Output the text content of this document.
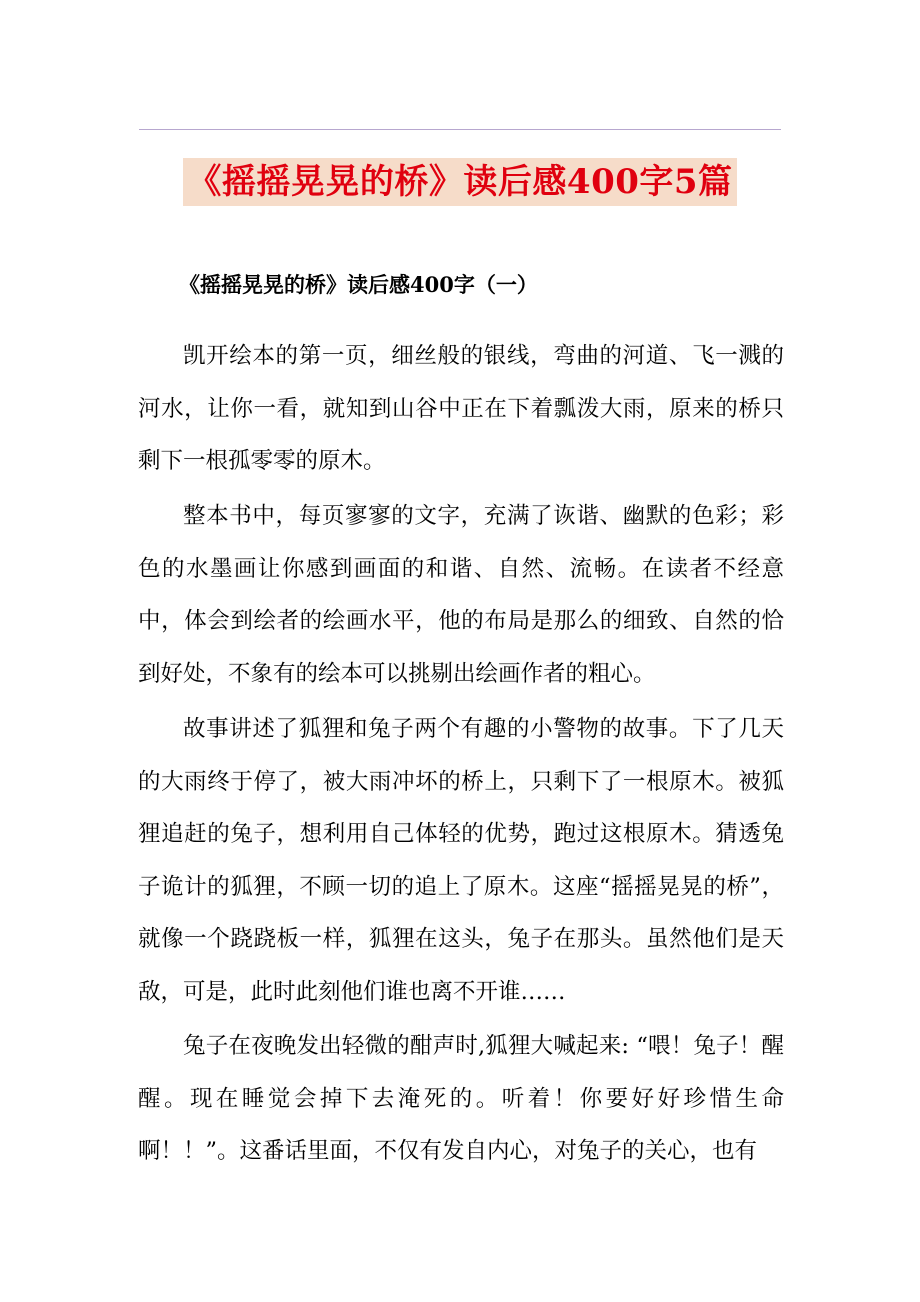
《摇摇晃晃的桥》读后感400字5篇
《摇摇晃晃的桥》读后感400字（一）

凯开绘本的第一页，细丝般的银线，弯曲的河道、飞一溅的河水，让你一看，就知到山谷中正在下着瓢泼大雨，原来的桥只剩下一根孤零零的原木。

整本书中，每页寥寥的文字，充满了诙谐、幽默的色彩；彩色的水墨画让你感到画面的和谐、自然、流畅。在读者不经意中，体会到绘者的绘画水平，他的布局是那么的细致、自然的恰到好处，不象有的绘本可以挑剔出绘画作者的粗心。

故事讲述了狐狸和兔子两个有趣的小警物的故事。下了几天的大雨终于停了，被大雨冲坏的桥上，只剩下了一根原木。被狐狸追赶的兔子，想利用自己体轻的优势，跑过这根原木。猜透兔子诡计的狐狸，不顾一切的追上了原木。这座“摇摇晃晃的桥”，就像一个跷跷板一样，狐狸在这头，兔子在那头。虽然他们是天敌，可是，此时此刻他们谁也离不开谁……

兔子在夜晚发出轻微的酣声时,狐狸大喊起来: “喂！兔子！醒醒。现在睡觉会掉下去淹死的。听着！你要好好珍惜生命啊！！”。这番话里面，不仅有发自内心，对兔子的关心，也有
